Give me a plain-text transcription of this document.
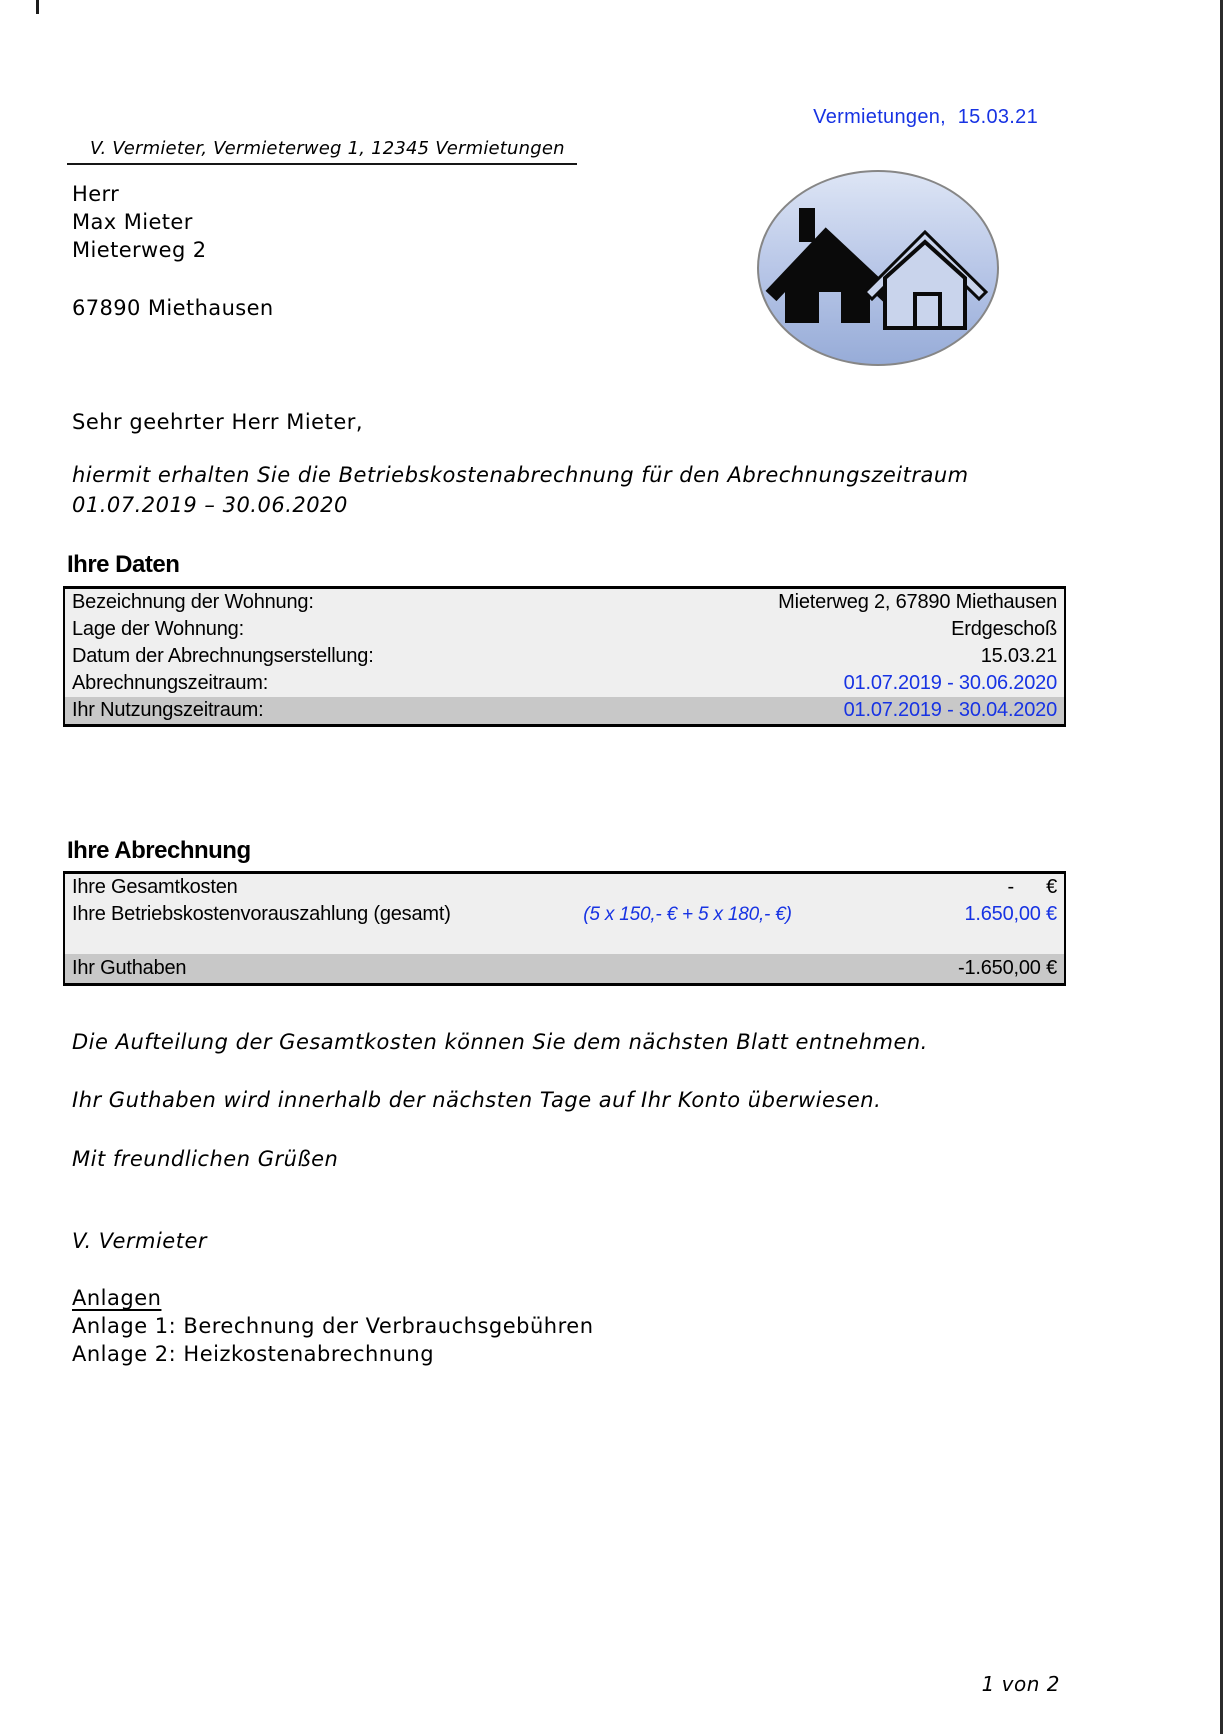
Vermietungen,  15.03.21
V. Vermieter, Vermieterweg 1, 12345 Vermietungen
Herr
Max Mieter
Mieterweg 2
67890 Miethausen
Sehr geehrter Herr Mieter,
hiermit erhalten Sie die Betriebskostenabrechnung für den Abrechnungszeitraum
01.07.2019 – 30.06.2020
Ihre Daten
Bezeichnung der Wohnung:	Mieterweg 2, 67890 Miethausen
Lage der Wohnung:	Erdgeschoß
Datum der Abrechnungserstellung:	15.03.21
Abrechnungszeitraum:	01.07.2019 - 30.06.2020
Ihr Nutzungszeitraum:	01.07.2019 - 30.04.2020
Ihre Abrechnung
Ihre Gesamtkosten	-      €
Ihre Betriebskostenvorauszahlung (gesamt)	(5 x 150,- € + 5 x 180,- €)	1.650,00 €
Ihr Guthaben	-1.650,00 €
Die Aufteilung der Gesamtkosten können Sie dem nächsten Blatt entnehmen.
Ihr Guthaben wird innerhalb der nächsten Tage auf Ihr Konto überwiesen.
Mit freundlichen Grüßen
V. Vermieter
Anlagen
Anlage 1: Berechnung der Verbrauchsgebühren
Anlage 2: Heizkostenabrechnung
1 von 2
